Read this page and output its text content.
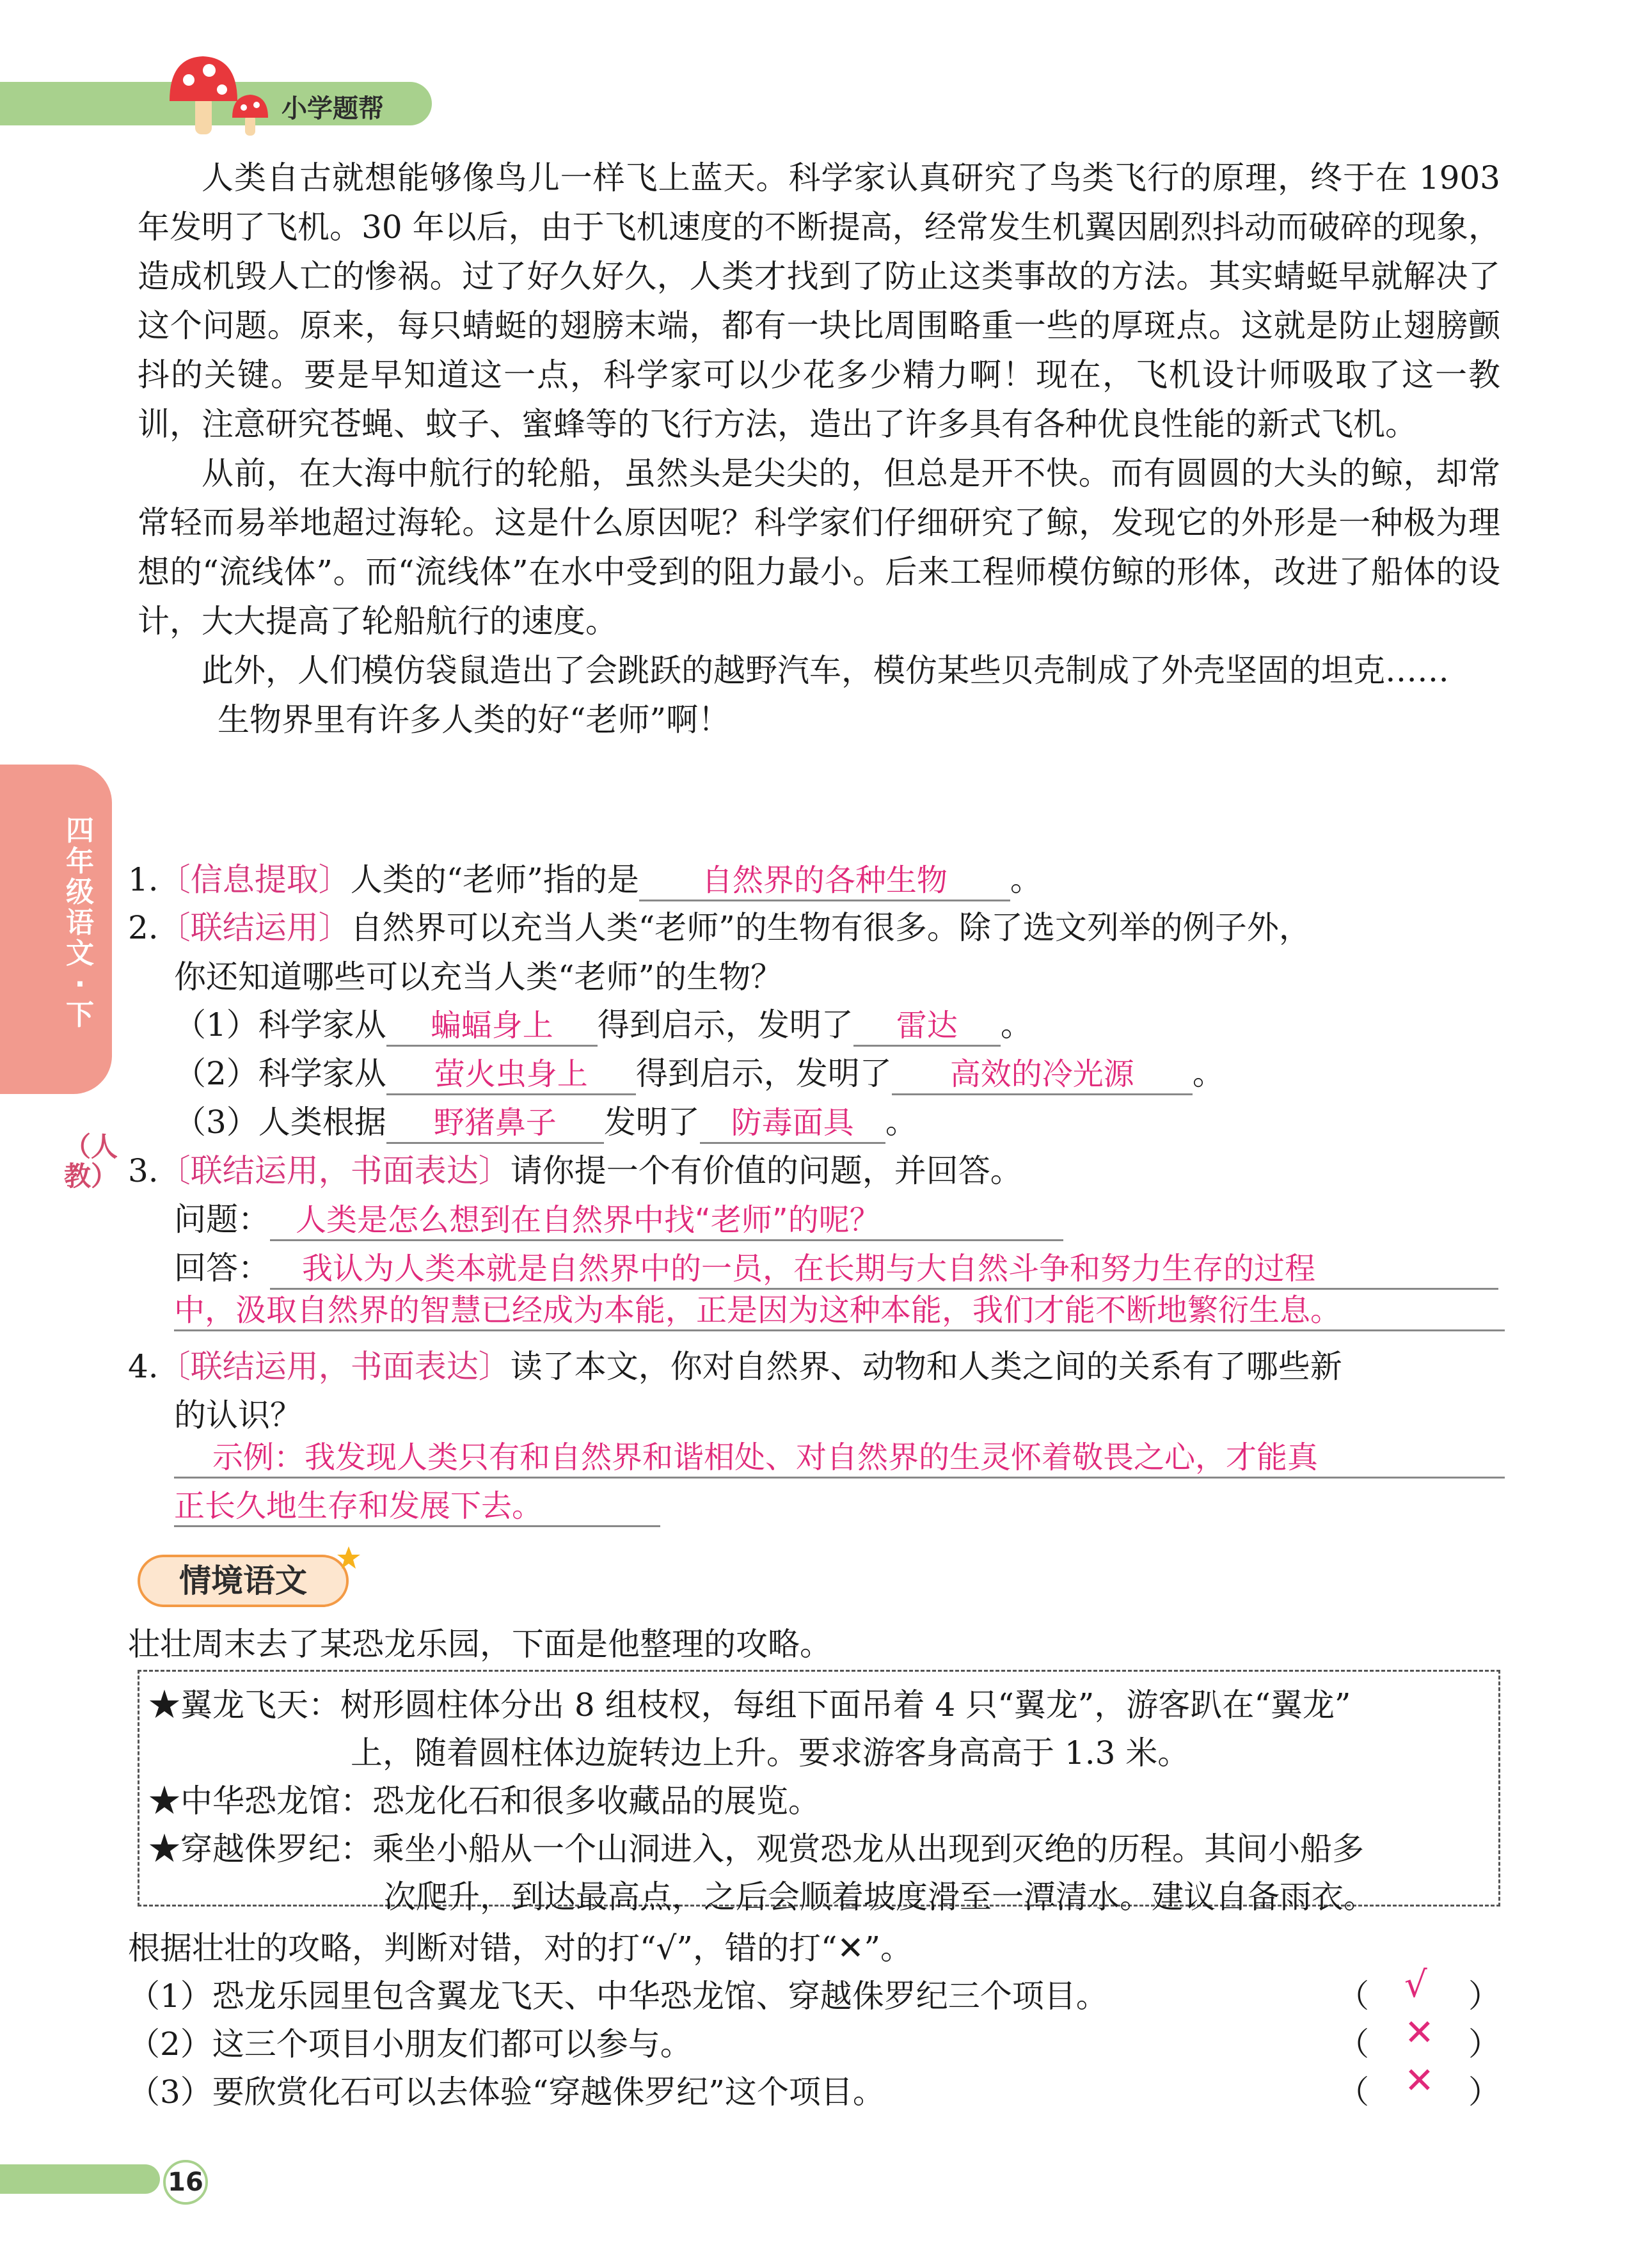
小学题帮
四年级语文·下
（人教）

人类自古就想能够像鸟儿一样飞上蓝天。科学家认真研究了鸟类飞行的原理，终于在 1903 年发明了飞机。30 年以后，由于飞机速度的不断提高，经常发生机翼因剧烈抖动而破碎的现象，造成机毁人亡的惨祸。过了好久好久，人类才找到了防止这类事故的方法。其实蜻蜓早就解决了这个问题。原来，每只蜻蜓的翅膀末端，都有一块比周围略重一些的厚斑点。这就是防止翅膀颤抖的关键。要是早知道这一点，科学家可以少花多少精力啊！现在，飞机设计师吸取了这一教训，注意研究苍蝇、蚊子、蜜蜂等的飞行方法，造出了许多具有各种优良性能的新式飞机。

从前，在大海中航行的轮船，虽然头是尖尖的，但总是开不快。而有圆圆的大头的鲸，却常常轻而易举地超过海轮。这是什么原因呢？科学家们仔细研究了鲸，发现它的外形是一种极为理想的“流线体”。而“流线体”在水中受到的阻力最小。后来工程师模仿鲸的形体，改进了船体的设计，大大提高了轮船航行的速度。

此外，人们模仿袋鼠造出了会跳跃的越野汽车，模仿某些贝壳制成了外壳坚固的坦克……

生物界里有许多人类的好“老师”啊！

1.〔信息提取〕人类的“老师”指的是 自然界的各种生物 。
2.〔联结运用〕自然界可以充当人类“老师”的生物有很多。除了选文列举的例子外，
你还知道哪些可以充当人类“老师”的生物？
（1）科学家从 蝙蝠身上 得到启示，发明了 雷达 。
（2）科学家从 萤火虫身上 得到启示，发明了 高效的冷光源 。
（3）人类根据 野猪鼻子 发明了 防毒面具 。
3.〔联结运用，书面表达〕请你提一个有价值的问题，并回答。
问题： 人类是怎么想到在自然界中找“老师”的呢？
回答： 我认为人类本就是自然界中的一员，在长期与大自然斗争和努力生存的过程
中，汲取自然界的智慧已经成为本能，正是因为这种本能，我们才能不断地繁衍生息。
4.〔联结运用，书面表达〕读了本文，你对自然界、动物和人类之间的关系有了哪些新
的认识？
示例：我发现人类只有和自然界和谐相处、对自然界的生灵怀着敬畏之心，才能真
正长久地生存和发展下去。
情境语文
壮壮周末去了某恐龙乐园，下面是他整理的攻略。
★翼龙飞天：树形圆柱体分出 8 组枝杈，每组下面吊着 4 只“翼龙”，游客趴在“翼龙”
上，随着圆柱体边旋转边上升。要求游客身高高于 1.3 米。
★中华恐龙馆：恐龙化石和很多收藏品的展览。
★穿越侏罗纪：乘坐小船从一个山洞进入，观赏恐龙从出现到灭绝的历程。其间小船多
次爬升，到达最高点，之后会顺着坡度滑至一潭清水。建议自备雨衣。
根据壮壮的攻略，判断对错，对的打“√”，错的打“✕”。
（1）恐龙乐园里包含翼龙飞天、中华恐龙馆、穿越侏罗纪三个项目。	（ √ ）
（2）这三个项目小朋友们都可以参与。	（ ✕ ）
（3）要欣赏化石可以去体验“穿越侏罗纪”这个项目。	（ ✕ ）
16
